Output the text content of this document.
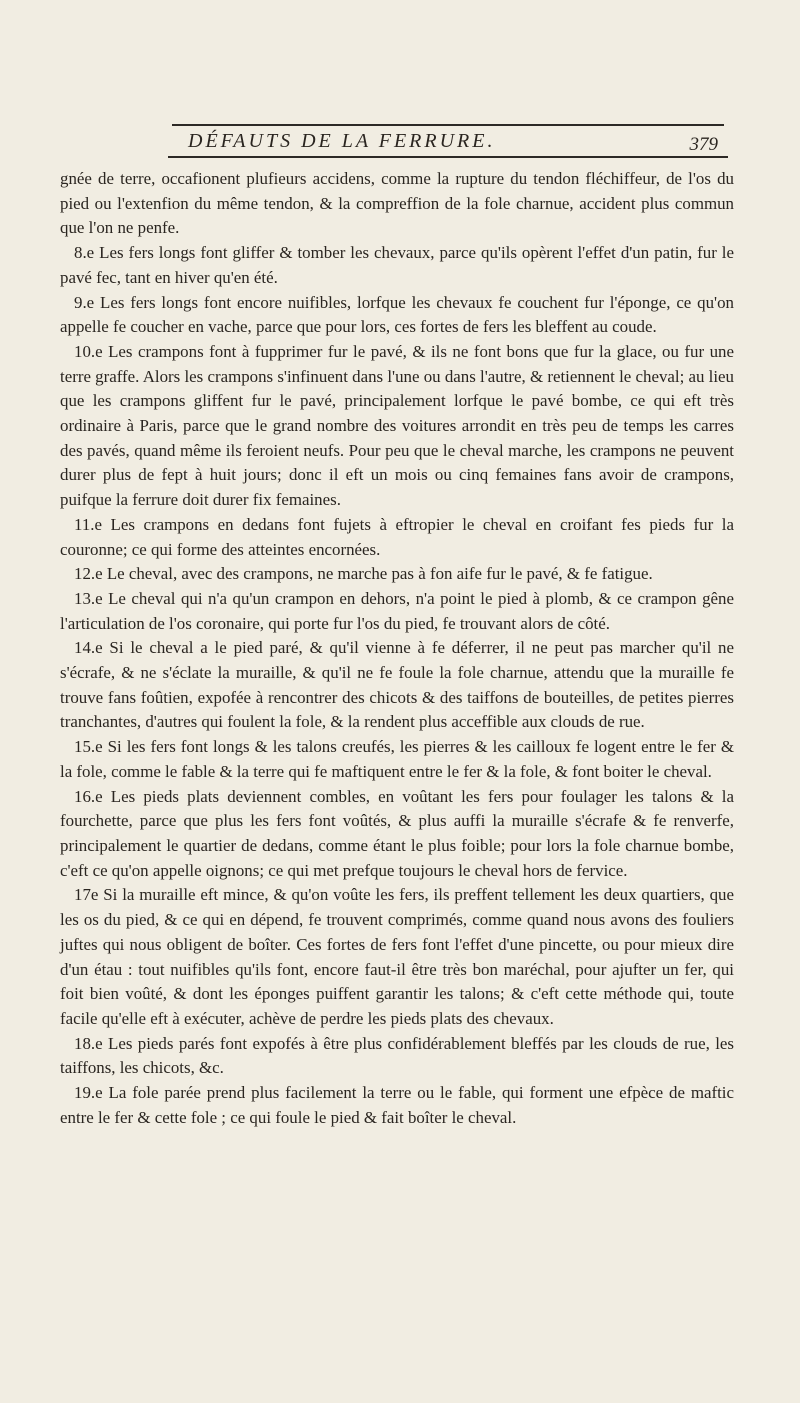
DÉFAUTS DE LA FERRURE.	379

gnée de terre, occafionent plufieurs accidens, comme la rupture du tendon fléchiffeur, de l'os du pied ou l'extenfion du même tendon, & la compreffion de la fole charnue, accident plus commun que l'on ne penfe.

8.e Les fers longs font gliffer & tomber les chevaux, parce qu'ils opèrent l'effet d'un patin, fur le pavé fec, tant en hiver qu'en été.

9.e Les fers longs font encore nuifibles, lorfque les chevaux fe couchent fur l'éponge, ce qu'on appelle fe coucher en vache, parce que pour lors, ces fortes de fers les bleffent au coude.

10.e Les crampons font à fupprimer fur le pavé, & ils ne font bons que fur la glace, ou fur une terre graffe. Alors les crampons s'infinuent dans l'une ou dans l'autre, & retiennent le cheval; au lieu que les crampons gliffent fur le pavé, principalement lorfque le pavé bombe, ce qui eft très ordinaire à Paris, parce que le grand nombre des voitures arrondit en très peu de temps les carres des pavés, quand même ils feroient neufs. Pour peu que le cheval marche, les crampons ne peuvent durer plus de fept à huit jours; donc il eft un mois ou cinq femaines fans avoir de crampons, puifque la ferrure doit durer fix femaines.

11.e Les crampons en dedans font fujets à eftropier le cheval en croifant fes pieds fur la couronne; ce qui forme des atteintes encornées.

12.e Le cheval, avec des crampons, ne marche pas à fon aife fur le pavé, & fe fatigue.

13.e Le cheval qui n'a qu'un crampon en dehors, n'a point le pied à plomb, & ce crampon gêne l'articulation de l'os coronaire, qui porte fur l'os du pied, fe trouvant alors de côté.

14.e Si le cheval a le pied paré, & qu'il vienne à fe déferrer, il ne peut pas marcher qu'il ne s'écrafe, & ne s'éclate la muraille, & qu'il ne fe foule la fole charnue, attendu que la muraille fe trouve fans foûtien, expofée à rencontrer des chicots & des taiffons de bouteilles, de petites pierres tranchantes, d'autres qui foulent la fole, & la rendent plus acceffible aux clouds de rue.

15.e Si les fers font longs & les talons creufés, les pierres & les cailloux fe logent entre le fer & la fole, comme le fable & la terre qui fe maftiquent entre le fer & la fole, & font boiter le cheval.

16.e Les pieds plats deviennent combles, en voûtant les fers pour foulager les talons & la fourchette, parce que plus les fers font voûtés, & plus auffi la muraille s'écrafe & fe renverfe, principalement le quartier de dedans, comme étant le plus foible; pour lors la fole charnue bombe, c'eft ce qu'on appelle oignons; ce qui met prefque toujours le cheval hors de fervice.

17e Si la muraille eft mince, & qu'on voûte les fers, ils preffent tellement les deux quartiers, que les os du pied, & ce qui en dépend, fe trouvent comprimés, comme quand nous avons des fouliers juftes qui nous obligent de boîter. Ces fortes de fers font l'effet d'une pincette, ou pour mieux dire d'un étau : tout nuifibles qu'ils font, encore faut-il être très bon maréchal, pour ajufter un fer, qui foit bien voûté, & dont les éponges puiffent garantir les talons; & c'eft cette méthode qui, toute facile qu'elle eft à exécuter, achève de perdre les pieds plats des chevaux.

18.e Les pieds parés font expofés à être plus confidérablement bleffés par les clouds de rue, les taiffons, les chicots, &c.

19.e La fole parée prend plus facilement la terre ou le fable, qui forment une efpèce de maftic entre le fer & cette fole ; ce qui foule le pied & fait boîter le cheval.
